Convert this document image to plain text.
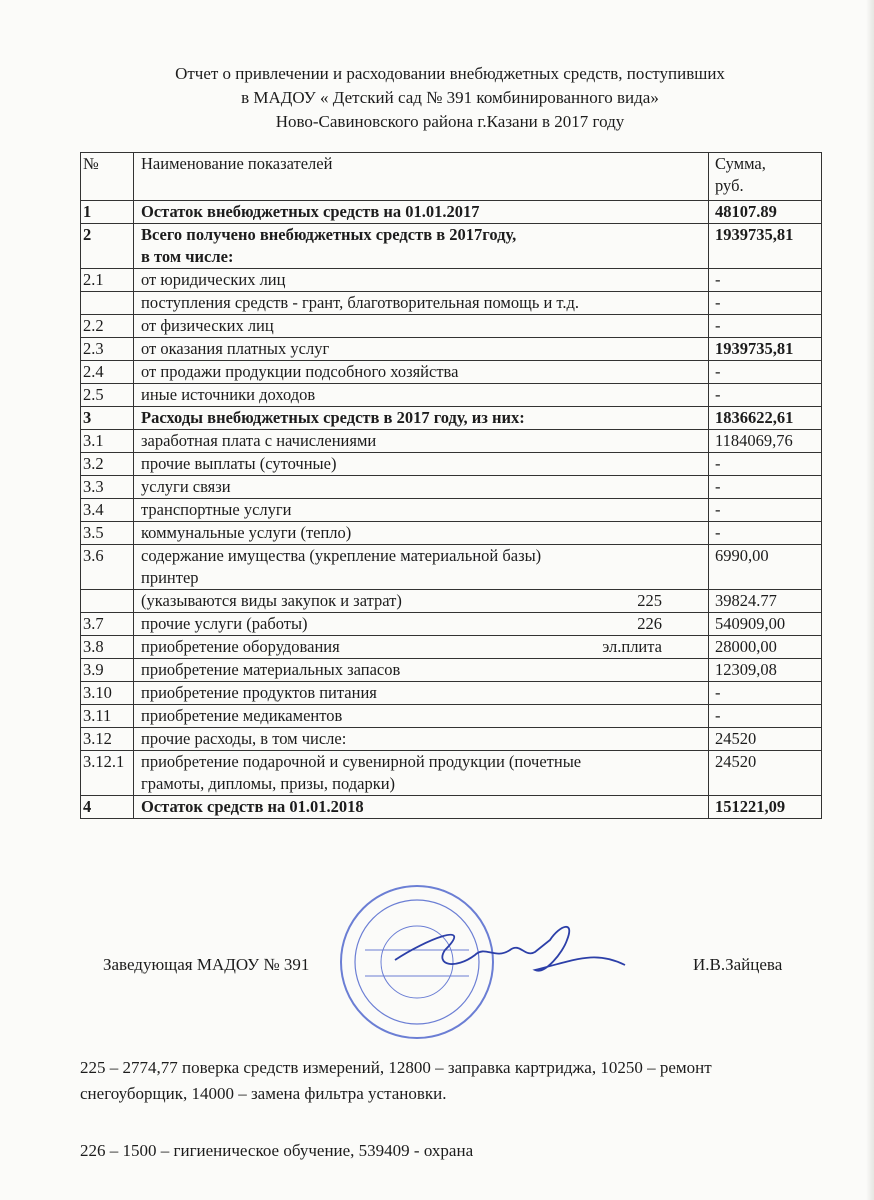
Отчет о привлечении и расходовании внебюджетных средств, поступивших
в МАДОУ « Детский сад № 391 комбинированного вида»
Ново-Савиновского района г.Казани в 2017 году
№	Наименование показателей	Сумма,
руб.

1	Остаток внебюджетных средств на 01.01.2017	48107.89
2	Всего получено внебюджетных средств в 2017году,
в том числе:	1939735,81
2.1	от юридических лиц	-

	поступления средств - грант, благотворительная помощь и т.д.	-
2.2	от физических лиц	-
2.3	от оказания платных услуг	1939735,81
2.4	от продажи продукции подсобного хозяйства	-
2.5	иные источники доходов	-
3	Расходы внебюджетных средств в 2017 году, из них:	1836622,61
3.1	заработная плата с начислениями	1184069,76
3.2	прочие выплаты (суточные)	-
3.3	услуги связи	-
3.4	транспортные услуги	-
3.5	коммунальные услуги (тепло)	-
3.6	содержание имущества (укрепление материальной базы)
принтер	6990,00

	(указываются виды закупок и затрат) 225	39824.77
3.7	прочие услуги (работы) 226	540909,00
3.8	приобретение оборудования эл.плита	28000,00
3.9	приобретение материальных запасов	12309,08
3.10	приобретение продуктов питания	-
3.11	приобретение медикаментов	-
3.12	прочие расходы, в том числе:	24520
3.12.1	приобретение подарочной и сувенирной продукции (почетные
грамоты, дипломы, призы, подарки)	24520
4	Остаток средств на 01.01.2018	151221,09
Заведующая МАДОУ № 391	И.В.Зайцева
225 – 2774,77 поверка средств измерений, 12800 – заправка картриджа, 10250 – ремонт снегоуборщик, 14000 – замена фильтра установки.
226 – 1500 – гигиеническое обучение, 539409 - охрана
